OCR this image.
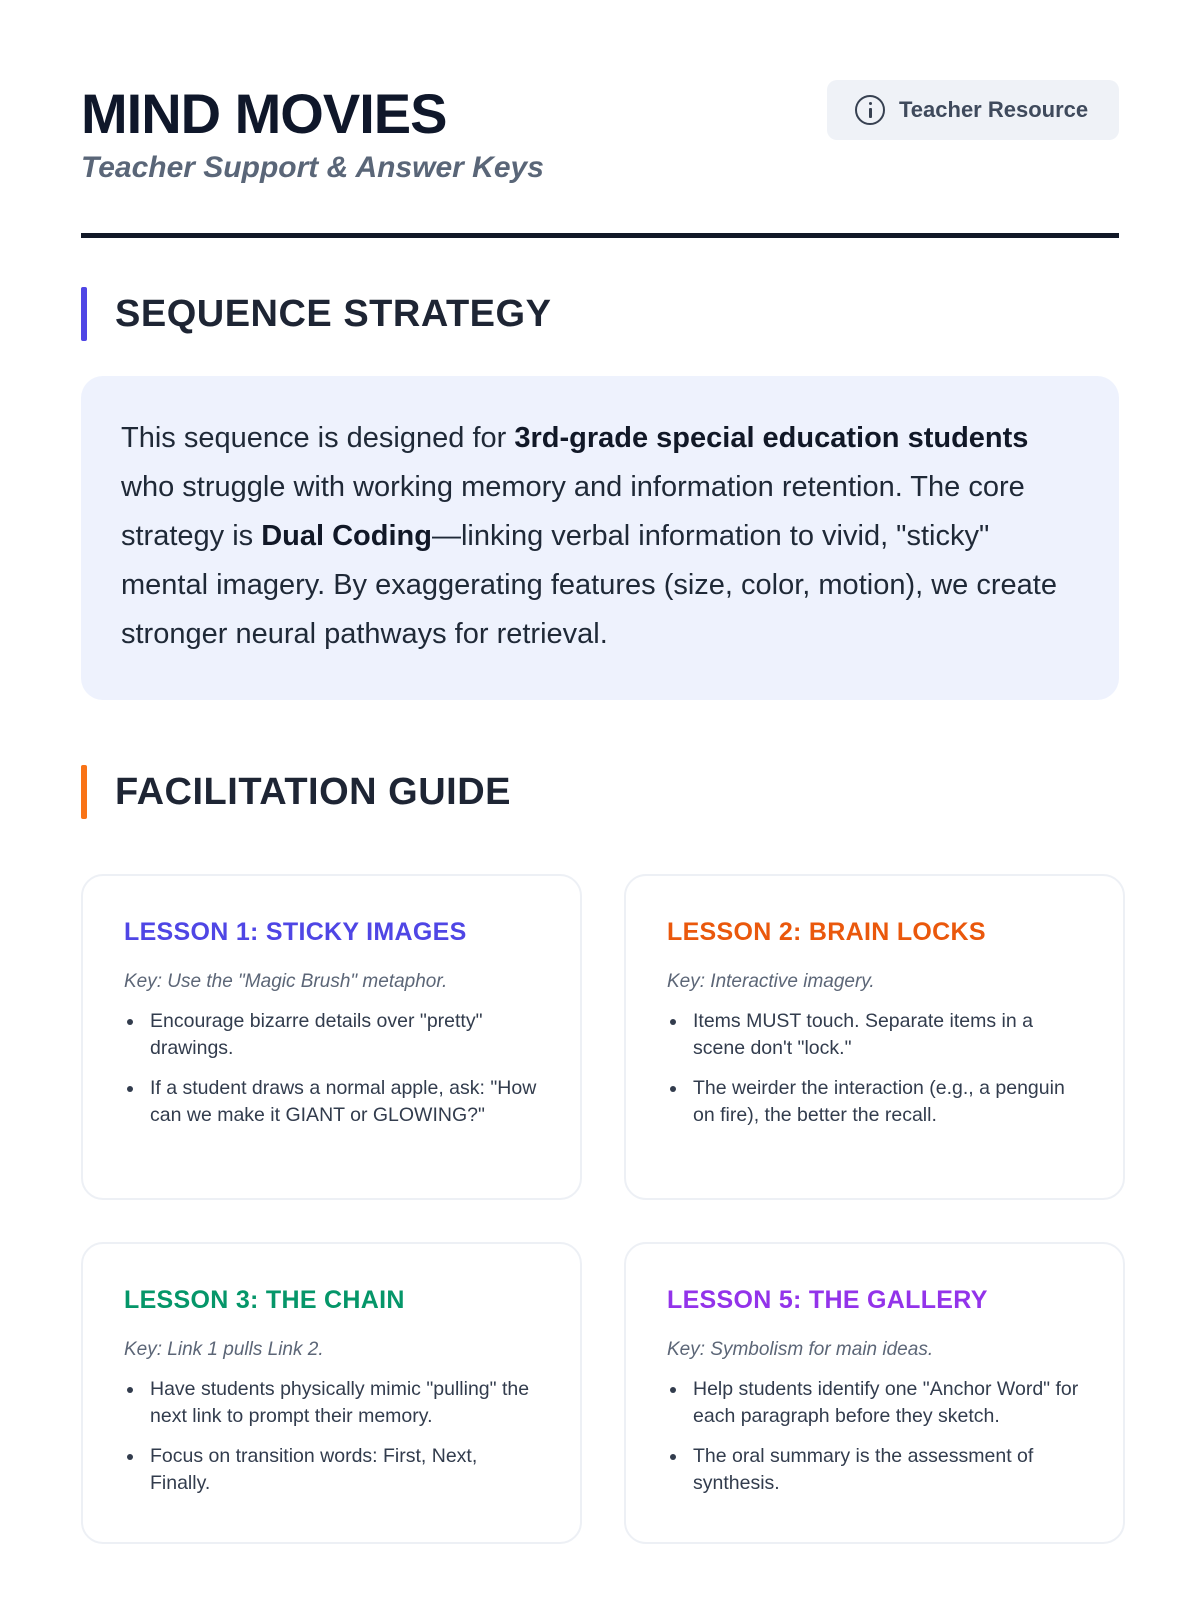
MIND MOVIES
Teacher Support & Answer Keys
Teacher Resource
SEQUENCE STRATEGY

This sequence is designed for 3rd-grade special education students who struggle with working memory and information retention. The core strategy is Dual Coding—linking verbal information to vivid, "sticky" mental imagery. By exaggerating features (size, color, motion), we create stronger neural pathways for retrieval.

FACILITATION GUIDE
LESSON 1: STICKY IMAGES

Key: Use the "Magic Brush" metaphor.

Encourage bizarre details over "pretty" drawings.
If a student draws a normal apple, ask: "How can we make it GIANT or GLOWING?"
LESSON 2: BRAIN LOCKS

Key: Interactive imagery.

Items MUST touch. Separate items in a scene don't "lock."
The weirder the interaction (e.g., a penguin on fire), the better the recall.
LESSON 3: THE CHAIN

Key: Link 1 pulls Link 2.

Have students physically mimic "pulling" the next link to prompt their memory.
Focus on transition words: First, Next, Finally.
LESSON 5: THE GALLERY

Key: Symbolism for main ideas.

Help students identify one "Anchor Word" for each paragraph before they sketch.
The oral summary is the assessment of synthesis.
